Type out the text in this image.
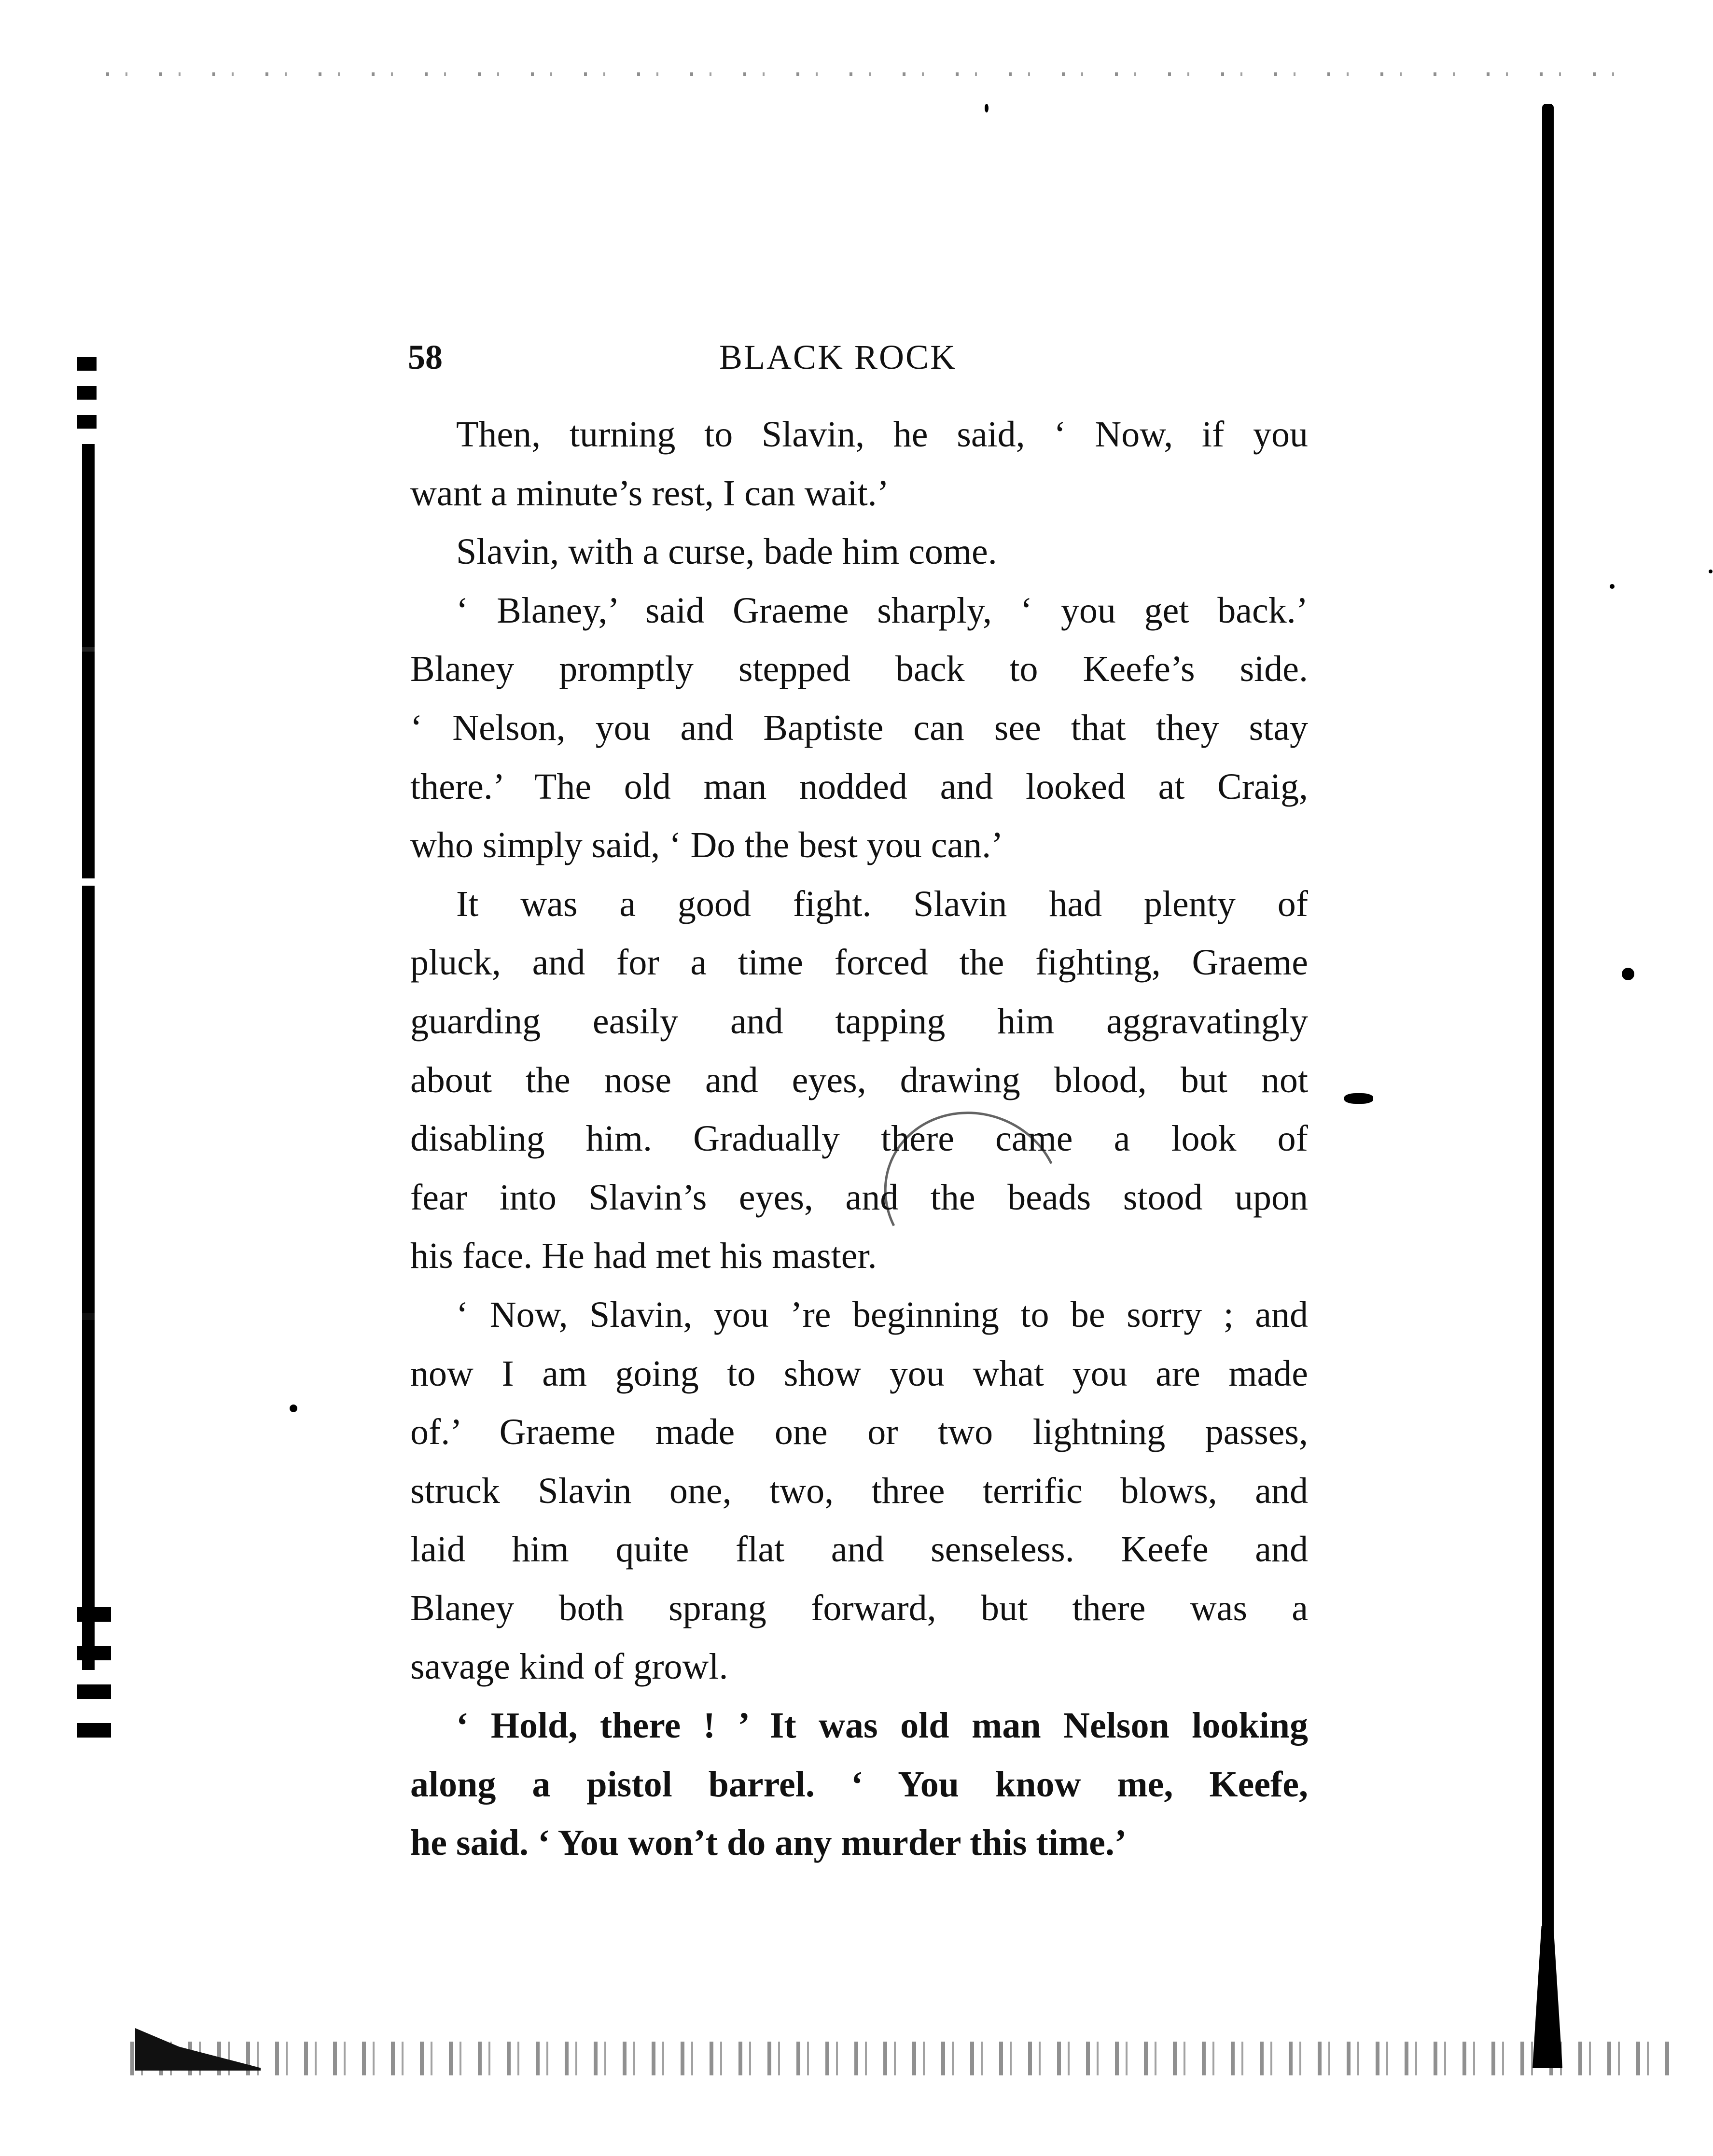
58	BLACK ROCK
Then, turning to Slavin, he said, ‘ Now, if you
want a minute’s rest, I can wait.’
Slavin, with a curse, bade him come.
‘ Blaney,’ said Graeme sharply, ‘ you get back.’
Blaney promptly stepped back to Keefe’s side.
‘ Nelson, you and Baptiste can see that they stay
there.’ The old man nodded and looked at Craig,
who simply said, ‘ Do the best you can.’
It was a good fight. Slavin had plenty of
pluck, and for a time forced the fighting, Graeme
guarding easily and tapping him aggravatingly
about the nose and eyes, drawing blood, but not
disabling him. Gradually there came a look of
fear into Slavin’s eyes, and the beads stood upon
his face. He had met his master.
‘ Now, Slavin, you ’re beginning to be sorry ; and
now I am going to show you what you are made
of.’ Graeme made one or two lightning passes,
struck Slavin one, two, three terrific blows, and
laid him quite flat and senseless. Keefe and
Blaney both sprang forward, but there was a
savage kind of growl.
‘ Hold, there ! ’ It was old man Nelson looking
along a pistol barrel. ‘ You know me, Keefe,
he said. ‘ You won’t do any murder this time.’
